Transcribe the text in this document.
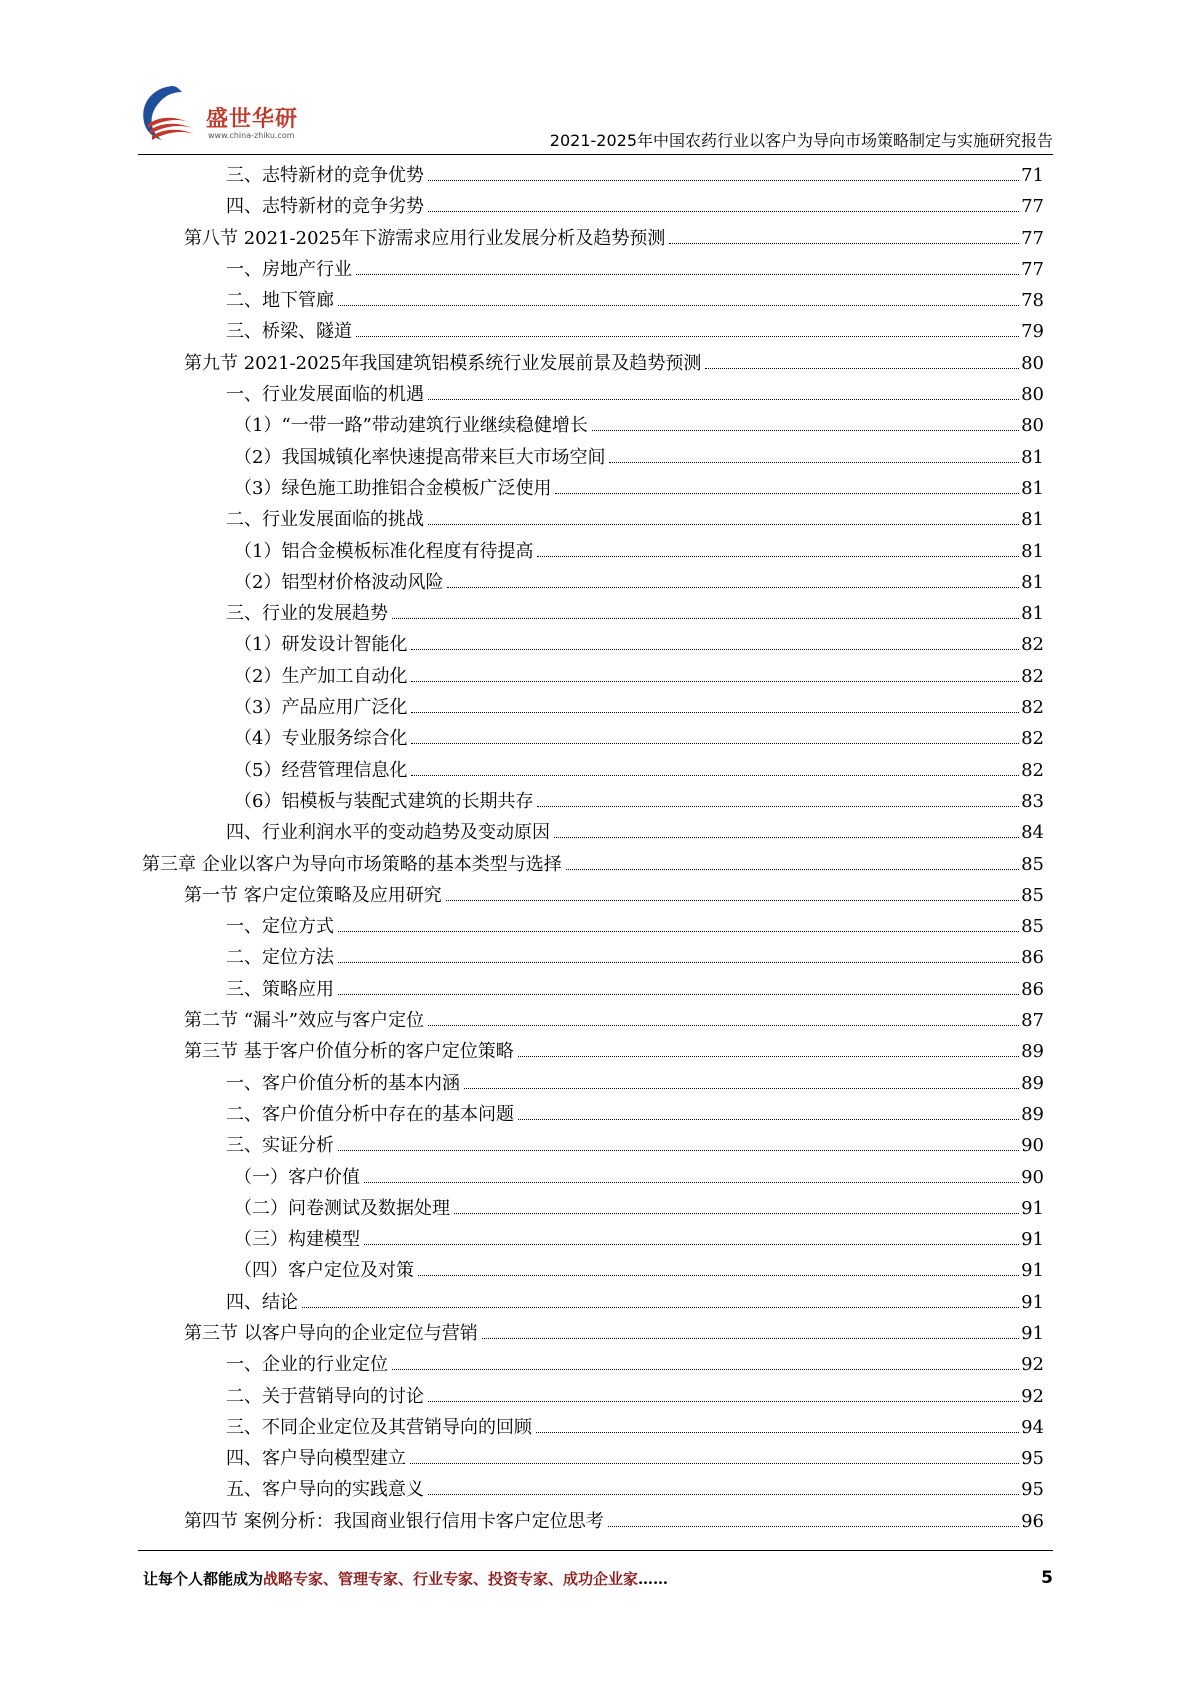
盛世华研
www.china-zhiku.com	2021-2025年中国农药行业以客户为导向市场策略制定与实施研究报告
三、志特新材的竞争优势	71
四、志特新材的竞争劣势	77
第八节 2021-2025年下游需求应用行业发展分析及趋势预测	77
一、房地产行业	77
二、地下管廊	78
三、桥梁、隧道	79
第九节 2021-2025年我国建筑铝模系统行业发展前景及趋势预测	80
一、行业发展面临的机遇	80
（1）“一带一路”带动建筑行业继续稳健增长	80
（2）我国城镇化率快速提高带来巨大市场空间	81
（3）绿色施工助推铝合金模板广泛使用	81
二、行业发展面临的挑战	81
（1）铝合金模板标准化程度有待提高	81
（2）铝型材价格波动风险	81
三、行业的发展趋势	81
（1）研发设计智能化	82
（2）生产加工自动化	82
（3）产品应用广泛化	82
（4）专业服务综合化	82
（5）经营管理信息化	82
（6）铝模板与装配式建筑的长期共存	83
四、行业利润水平的变动趋势及变动原因	84
第三章 企业以客户为导向市场策略的基本类型与选择	85
第一节 客户定位策略及应用研究	85
一、定位方式	85
二、定位方法	86
三、策略应用	86
第二节 “漏斗”效应与客户定位	87
第三节 基于客户价值分析的客户定位策略	89
一、客户价值分析的基本内涵	89
二、客户价值分析中存在的基本问题	89
三、实证分析	90
（一）客户价值	90
（二）问卷测试及数据处理	91
（三）构建模型	91
（四）客户定位及对策	91
四、结论	91
第三节 以客户导向的企业定位与营销	91
一、企业的行业定位	92
二、关于营销导向的讨论	92
三、不同企业定位及其营销导向的回顾	94
四、客户导向模型建立	95
五、客户导向的实践意义	95
第四节 案例分析：我国商业银行信用卡客户定位思考	96
让每个人都能成为战略专家、管理专家、行业专家、投资专家、成功企业家……	5
